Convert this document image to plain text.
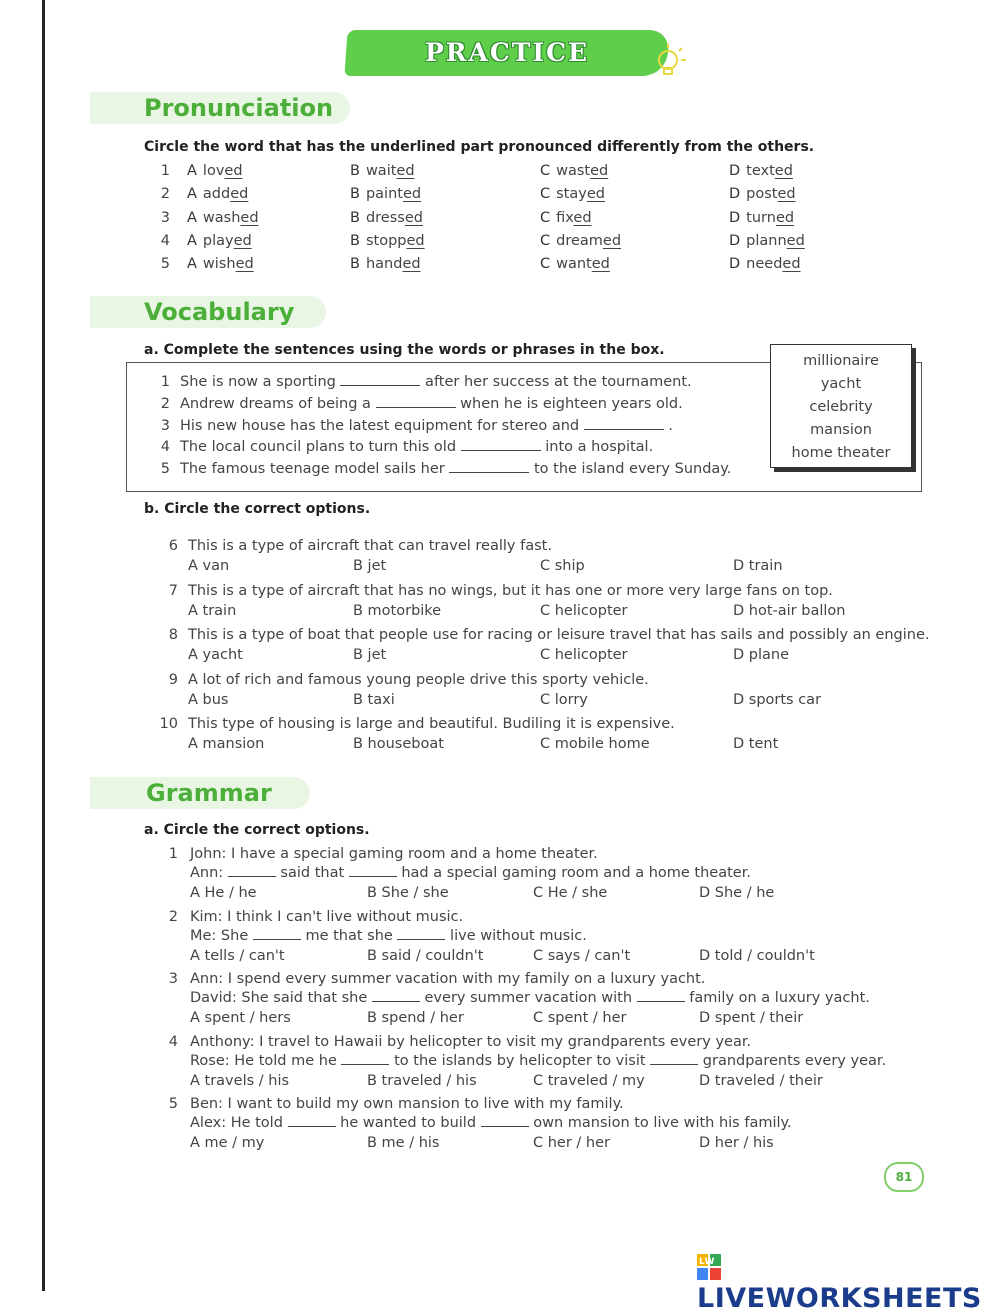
PRACTICE
Pronunciation
Circle the word that has the underlined part pronounced differently from the others.
1 A loved	B waited	C wasted	D texted
2 A added	B painted	C stayed	D posted
3 A washed	B dressed	C fixed	D turned
4 A played	B stopped	C dreamed	D planned
5 A wished	B handed	C wanted	D needed
Vocabulary
a. Complete the sentences using the words or phrases in the box.
millionaire
yacht
celebrity
mansion
home theater
1 She is now a sporting	after her success at the tournament.
2 Andrew dreams of being a	when he is eighteen years old.
3 His new house has the latest equipment for stereo and	.
4 The local council plans to turn this old	into a hospital.
5 The famous teenage model sails her	to the island every Sunday.
b. Circle the correct options.
6 This is a type of aircraft that can travel really fast.
A van	B jet	C ship	D train
7 This is a type of aircraft that has no wings, but it has one or more very large fans on top.
A train	B motorbike	C helicopter	D hot-air ballon
8 This is a type of boat that people use for racing or leisure travel that has sails and possibly an engine.
A yacht	B jet	C helicopter	D plane
9 A lot of rich and famous young people drive this sporty vehicle.
A bus	B taxi	C lorry	D sports car
10 This type of housing is large and beautiful. Budiling it is expensive.
A mansion	B houseboat	C mobile home	D tent
Grammar
a. Circle the correct options.
1 John: I have a special gaming room and a home theater.
Ann:	said that	had a special gaming room and a home theater.
A He / he	B She / she	C He / she	D She / he
2 Kim: I think I can't live without music.
Me: She	me that she	live without music.
A tells / can't	B said / couldn't	C says / can't	D told / couldn't
3 Ann: I spend every summer vacation with my family on a luxury yacht.
David: She said that she	every summer vacation with	family on a luxury yacht.
A spent / hers	B spend / her	C spent / her	D spent / their
4 Anthony: I travel to Hawaii by helicopter to visit my grandparents every year.
Rose: He told me he	to the islands by helicopter to visit	grandparents every year.
A travels / his	B traveled / his	C traveled / my	D traveled / their
5 Ben: I want to build my own mansion to live with my family.
Alex: He told	he wanted to build	own mansion to live with his family.
A me / my	B me / his	C her / her	D her / his
81
LW
LIVEWORKSHEETS
